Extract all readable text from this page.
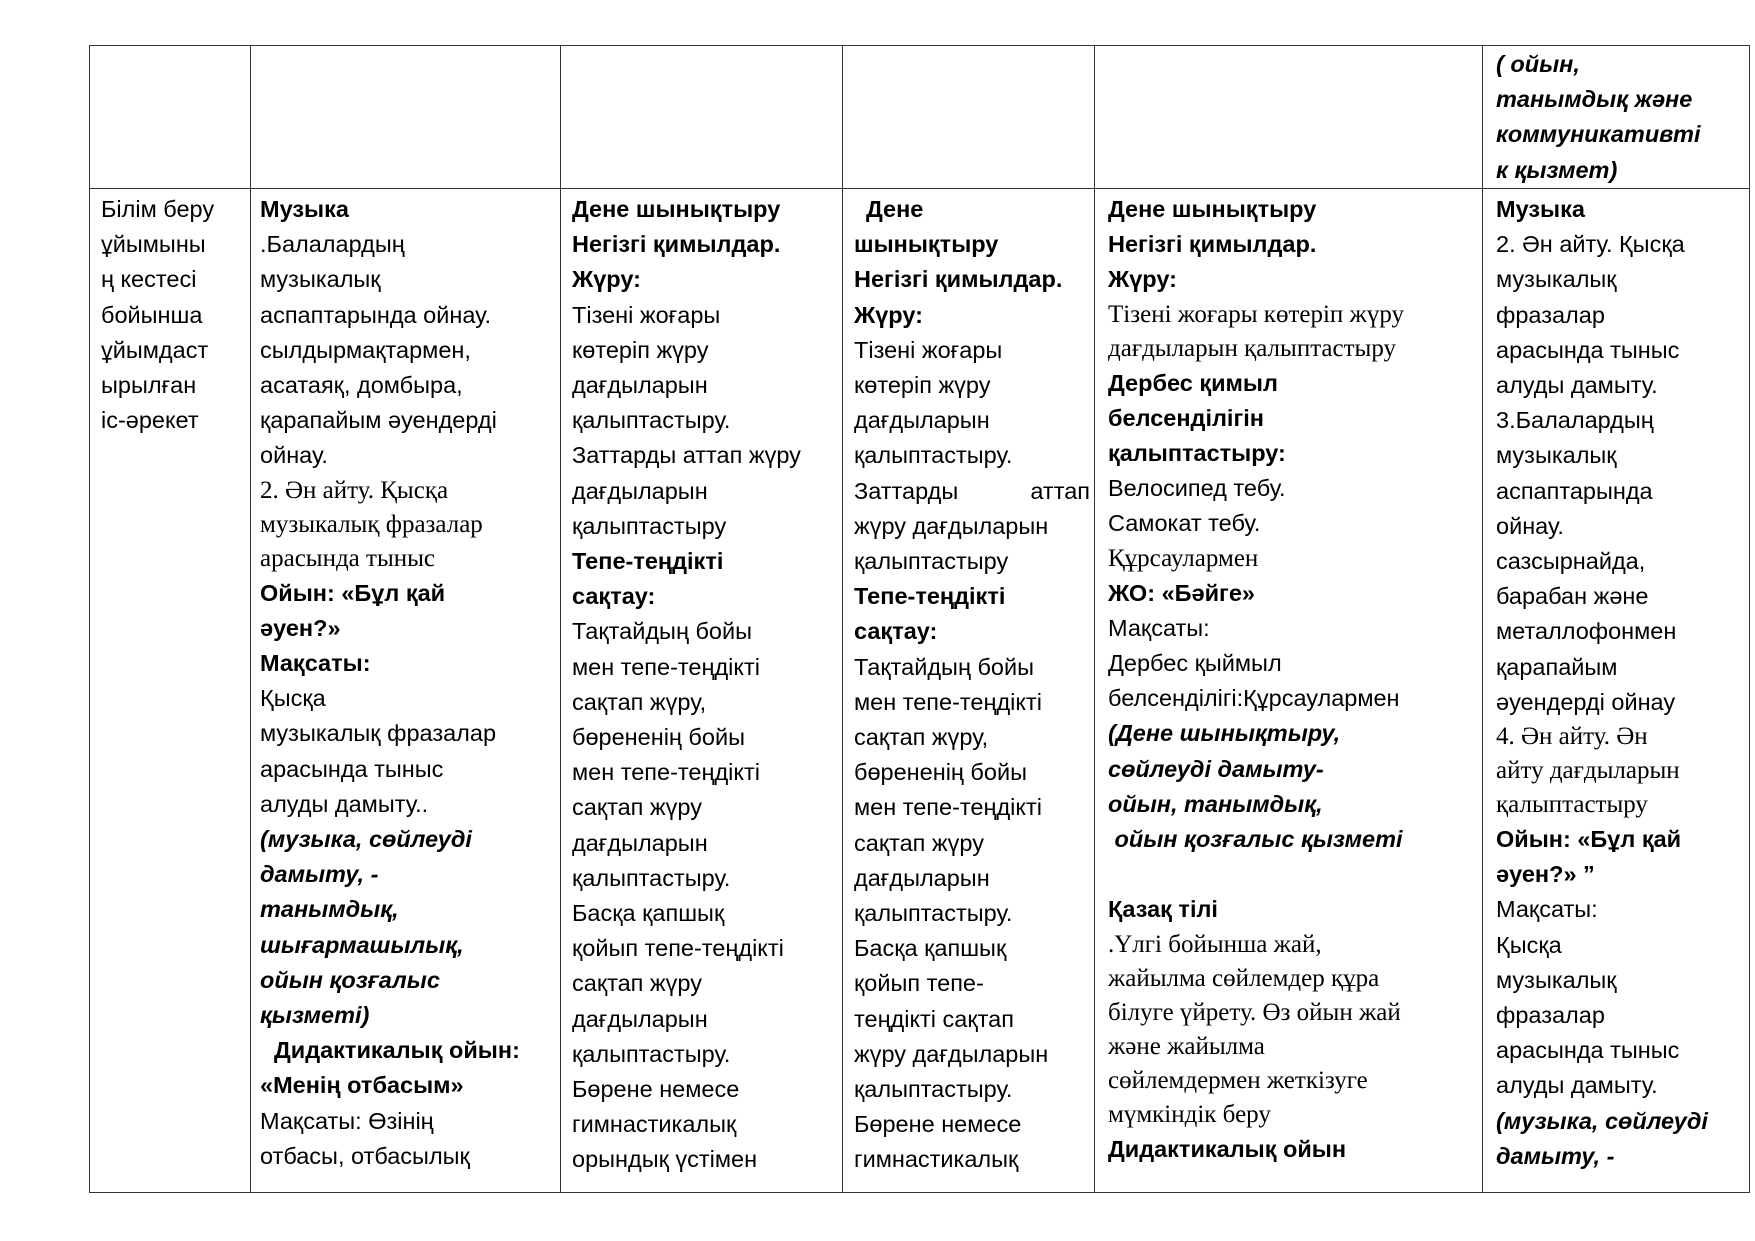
( ойын,

танымдық және

коммуникативті

к қызмет)

Білім беру

ұйымыны

ң кестесі

бойынша

ұйымдаст

ырылған

іс-әрекет

Музыка

.Балалардың

музыкалық

аспаптарында ойнау.

сылдырмақтармен,

асатаяқ, домбыра,

қарапайым әуендерді

ойнау.

2. Ән айту. Қысқа

музыкалық фразалар

арасында тыныс

Ойын: «Бұл қай

әуен?»

Мақсаты:

Қысқа

музыкалық фразалар

арасында тыныс

алуды дамыту..

(музыка, сөйлеуді

дамыту, -

танымдық,

шығармашылық,

ойын қозғалыс

қызметі)

Дидактикалық ойын:

«Менің отбасым»

Мақсаты: Өзінің

отбасы, отбасылық

Дене шынықтыру

Негізгі қимылдар.

Жүру:

Тізені жоғары

көтеріп жүру

дағдыларын

қалыптастыру.

Заттарды аттап жүру

дағдыларын

қалыптастыру

Тепе-теңдікті

сақтау:

Тақтайдың бойы

мен тепе-теңдікті

сақтап жүру,

бөрененің бойы

мен тепе-теңдікті

сақтап жүру

дағдыларын

қалыптастыру.

Басқа қапшық

қойып тепе-теңдікті

сақтап жүру

дағдыларын

қалыптастыру.

Бөрене немесе

гимнастикалық

орындық үстімен

Дене

шынықтыру

Негізгі қимылдар.

Жүру:

Тізені жоғары

көтеріп жүру

дағдыларын

қалыптастыру.

Заттарды	аттап

жүру дағдыларын

қалыптастыру

Тепе-теңдікті

сақтау:

Тақтайдың бойы

мен тепе-теңдікті

сақтап жүру,

бөрененің бойы

мен тепе-теңдікті

сақтап жүру

дағдыларын

қалыптастыру.

Басқа қапшық

қойып тепе-

теңдікті сақтап

жүру дағдыларын

қалыптастыру.

Бөрене немесе

гимнастикалық

Дене шынықтыру

Негізгі қимылдар.

Жүру:

Тізені жоғары көтеріп жүру

дағдыларын қалыптастыру

Дербес қимыл

белсенділігін

қалыптастыру:

Велосипед тебу.

Самокат тебу.

Құрсаулармен

ЖО: «Бәйге»

Мақсаты:

Дербес қыймыл

белсенділігі:Құрсаулармен

(Дене шынықтыру,

сөйлеуді дамыту-

ойын, танымдық,

ойын қозғалыс қызметі

Қазақ тілі

.Үлгі бойынша жай,

жайылма сөйлемдер құра

білуге үйрету. Өз ойын жай

және жайылма

сөйлемдермен жеткізуге

мүмкіндік беру

Дидактикалық ойын

Музыка

2. Ән айту. Қысқа

музыкалық

фразалар

арасында тыныс

алуды дамыту.

3.Балалардың

музыкалық

аспаптарында

ойнау.

сазсырнайда,

барабан және

металлофонмен

қарапайым

әуендерді ойнау

4. Ән айту. Ән

айту дағдыларын

қалыптастыру

Ойын: «Бұл қай

әуен?» ”

Мақсаты:

Қысқа

музыкалық

фразалар

арасында тыныс

алуды дамыту.

(музыка, сөйлеуді

дамыту, -
